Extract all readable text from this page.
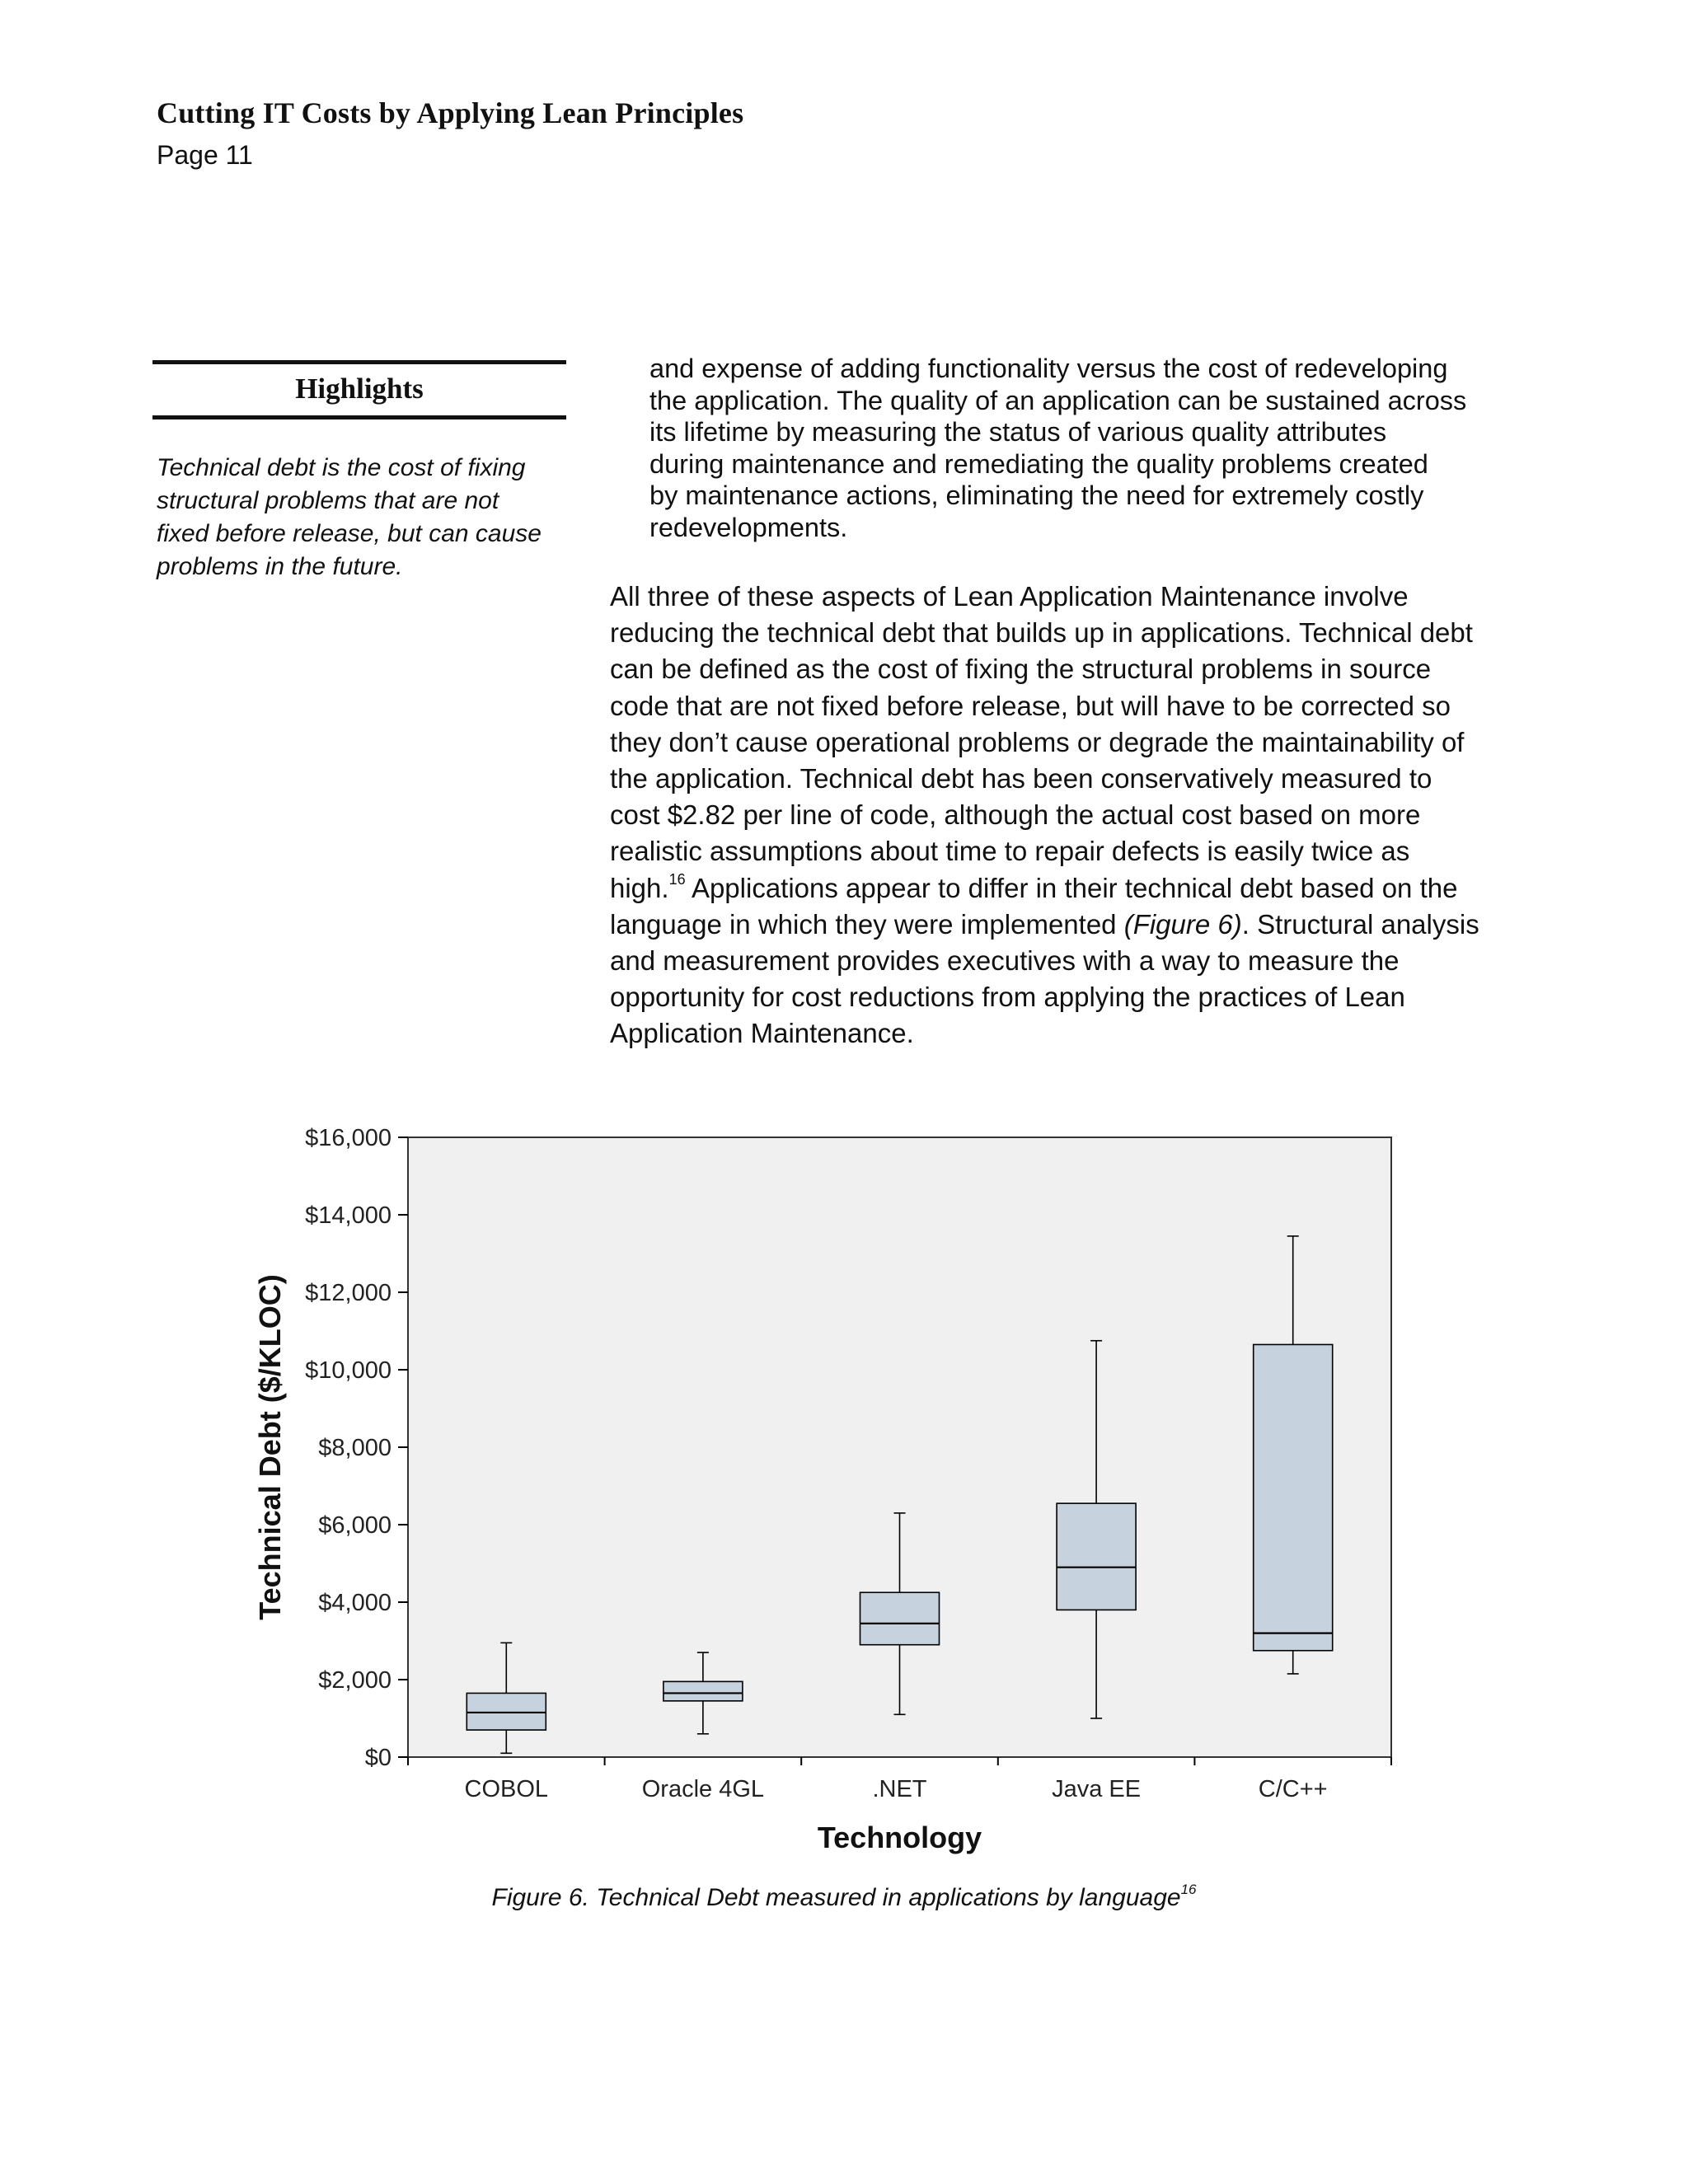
Cutting IT Costs by Applying Lean Principles
Page 11
Highlights
Technical debt is the cost of fixing
structural problems that are not
fixed before release, but can cause
problems in the future.
and expense of adding functionality versus the cost of redeveloping
the application. The quality of an application can be sustained across
its lifetime by measuring the status of various quality attributes
during maintenance and remediating the quality problems created
by maintenance actions, eliminating the need for extremely costly
redevelopments.
All three of these aspects of Lean Application Maintenance involve
reducing the technical debt that builds up in applications. Technical debt
can be defined as the cost of fixing the structural problems in source
code that are not fixed before release, but will have to be corrected so
they don’t cause operational problems or degrade the maintainability of
the application. Technical debt has been conservatively measured to
cost $2.82 per line of code, although the actual cost based on more
realistic assumptions about time to repair defects is easily twice as
high.$^{16}$ Applications appear to differ in their technical debt based on the
language in which they were implemented (Figure 6). Structural analysis
and measurement provides executives with a way to measure the
opportunity for cost reductions from applying the practices of Lean
Application Maintenance.
$0
$2,000
$4,000
$6,000
$8,000
$10,000
$12,000
$14,000
$16,000
COBOL	Oracle 4GL	.NET	Java EE	C/C++
Technology
Technical Debt ($/KLOC)
Figure 6. Technical Debt measured in applications by language$^{16}$
